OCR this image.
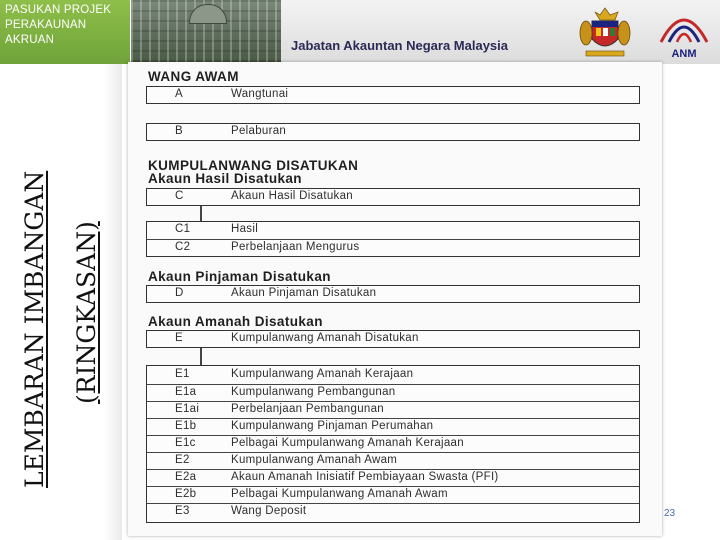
PASUKAN PROJEK
PERAKAUNAN
AKRUAN	Jabatan Akauntan Negara Malaysia
ANM
LEMBARAN IMBANGAN (RINGKASAN)
WANG AWAM
A	Wangtunai
B	Pelaburan
KUMPULANWANG DISATUKAN
Akaun Hasil Disatukan
C	Akaun Hasil Disatukan
C1	Hasil
C2	Perbelanjaan Mengurus
Akaun Pinjaman Disatukan
D	Akaun Pinjaman Disatukan
Akaun Amanah Disatukan
E	Kumpulanwang Amanah Disatukan
E1	Kumpulanwang Amanah Kerajaan
E1a	Kumpulanwang Pembangunan
E1ai	Perbelanjaan Pembangunan
E1b	Kumpulanwang Pinjaman Perumahan
E1c	Pelbagai Kumpulanwang Amanah Kerajaan
E2	Kumpulanwang Amanah Awam
E2a	Akaun Amanah Inisiatif Pembiayaan Swasta (PFI)
E2b	Pelbagai Kumpulanwang Amanah Awam
E3	Wang Deposit	23
